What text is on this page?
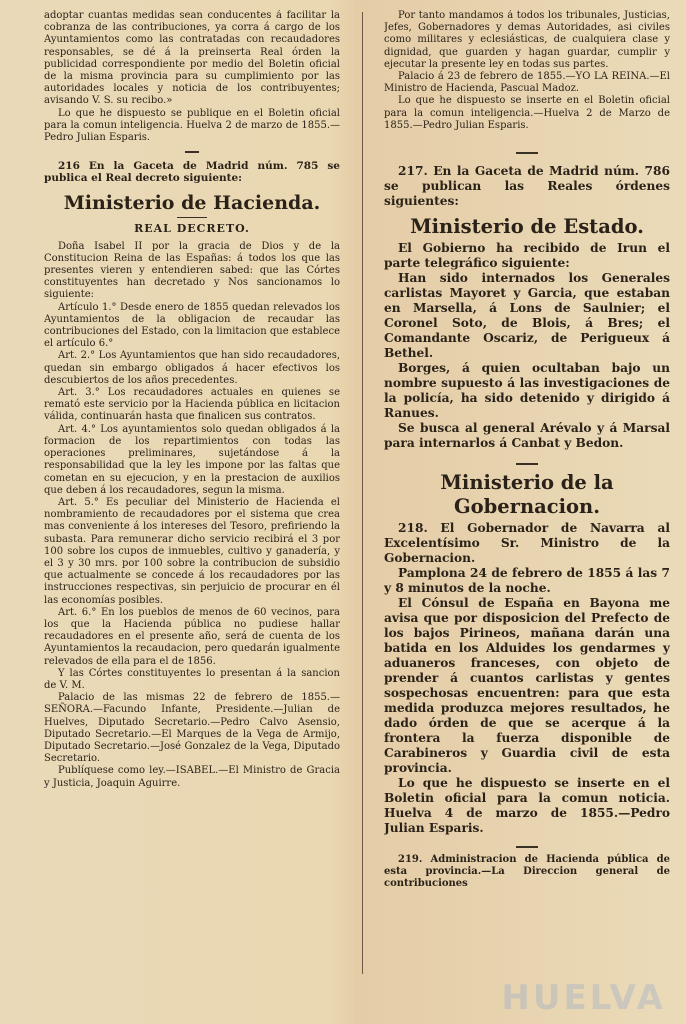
adoptar cuantas medidas sean conducentes á facilitar la cobranza de las contribuciones, ya corra á cargo de los Ayuntamientos como las contratadas con recaudadores responsables, se dé á la preinserta Real órden la publicidad correspondiente por medio del Boletin oficial de la misma provincia para su cumplimiento por las autoridades locales y noticia de los contribuyentes; avisando V. S. su recibo.»

Lo que he dispuesto se publique en el Boletin oficial para la comun inteligencia. Huelva 2 de marzo de 1855.—Pedro Julian Esparis.

216 En la Gaceta de Madrid núm. 785 se publica el Real decreto siguiente:

Ministerio de Hacienda.
REAL DECRETO.

Doña Isabel II por la gracia de Dios y de la Constitucion Reina de las Españas: á todos los que las presentes vieren y entendieren sabed: que las Córtes constituyentes han decretado y Nos sancionamos lo siguiente:

Artículo 1.° Desde enero de 1855 quedan relevados los Ayuntamientos de la obligacion de recaudar las contribuciones del Estado, con la limitacion que establece el artículo 6.°

Art. 2.° Los Ayuntamientos que han sido recaudadores, quedan sin embargo obligados á hacer efectivos los descubiertos de los años precedentes.

Art. 3.° Los recaudadores actuales en quienes se remató este servicio por la Hacienda pública en licitacion válida, continuarán hasta que finalicen sus contratos.

Art. 4.° Los ayuntamientos solo quedan obligados á la formacion de los repartimientos con todas las operaciones preliminares, sujetándose á la responsabilidad que la ley les impone por las faltas que cometan en su ejecucion, y en la prestacion de auxilios que deben á los recaudadores, segun la misma.

Art. 5.° Es peculiar del Ministerio de Hacienda el nombramiento de recaudadores por el sistema que crea mas conveniente á los intereses del Tesoro, prefiriendo la subasta. Para remunerar dicho servicio recibirá el 3 por 100 sobre los cupos de inmuebles, cultivo y ganadería, y el 3 y 30 mrs. por 100 sobre la contribucion de subsidio que actualmente se concede á los recaudadores por las instrucciones respectivas, sin perjuicio de procurar en él las economías posibles.

Art. 6.° En los pueblos de menos de 60 vecinos, para los que la Hacienda pública no pudiese hallar recaudadores en el presente año, será de cuenta de los Ayuntamientos la recaudacion, pero quedarán igualmente relevados de ella para el de 1856.

Y las Córtes constituyentes lo presentan á la sancion de V. M.

Palacio de las mismas 22 de febrero de 1855.—SEÑORA.—Facundo Infante, Presidente.—Julian de Huelves, Diputado Secretario.—Pedro Calvo Asensio, Diputado Secretario.—El Marques de la Vega de Armijo, Diputado Secretario.—José Gonzalez de la Vega, Diputado Secretario.

Publíquese como ley.—ISABEL.—El Ministro de Gracia y Justicia, Joaquin Aguirre.

Por tanto mandamos á todos los tribunales, Justicias, Jefes, Gobernadores y demas Autoridades, asi civiles como militares y eclesiásticas, de cualquiera clase y dignidad, que guarden y hagan guardar, cumplir y ejecutar la presente ley en todas sus partes.

Palacio á 23 de febrero de 1855.—YO LA REINA.—El Ministro de Hacienda, Pascual Madoz.

Lo que he dispuesto se inserte en el Boletin oficial para la comun inteligencia.—Huelva 2 de Marzo de 1855.—Pedro Julian Esparis.

217. En la Gaceta de Madrid núm. 786 se publican las Reales órdenes siguientes:

Ministerio de Estado.

El Gobierno ha recibido de Irun el parte telegráfico siguiente:

Han sido internados los Generales carlistas Mayoret y Garcia, que estaban en Marsella, á Lons de Saulnier; el Coronel Soto, de Blois, á Bres; el Comandante Oscariz, de Perigueux á Bethel.

Borges, á quien ocultaban bajo un nombre supuesto á las investigaciones de la policía, ha sido detenido y dirigido á Ranues.

Se busca al general Arévalo y á Marsal para internarlos á Canbat y Bedon.

Ministerio de la Gobernacion.

218. El Gobernador de Navarra al Excelentísimo Sr. Ministro de la Gobernacion.

Pamplona 24 de febrero de 1855 á las 7 y 8 minutos de la noche.

El Cónsul de España en Bayona me avisa que por disposicion del Prefecto de los bajos Pirineos, mañana darán una batida en los Alduides los gendarmes y aduaneros franceses, con objeto de prender á cuantos carlistas y gentes sospechosas encuentren: para que esta medida produzca mejores resultados, he dado órden de que se acerque á la frontera la fuerza disponible de Carabineros y Guardia civil de esta provincia.

Lo que he dispuesto se inserte en el Boletin oficial para la comun noticia. Huelva 4 de marzo de 1855.—Pedro Julian Esparis.

219. Administracion de Hacienda pública de esta provincia.—La Direccion general de contribuciones

HUELVA
